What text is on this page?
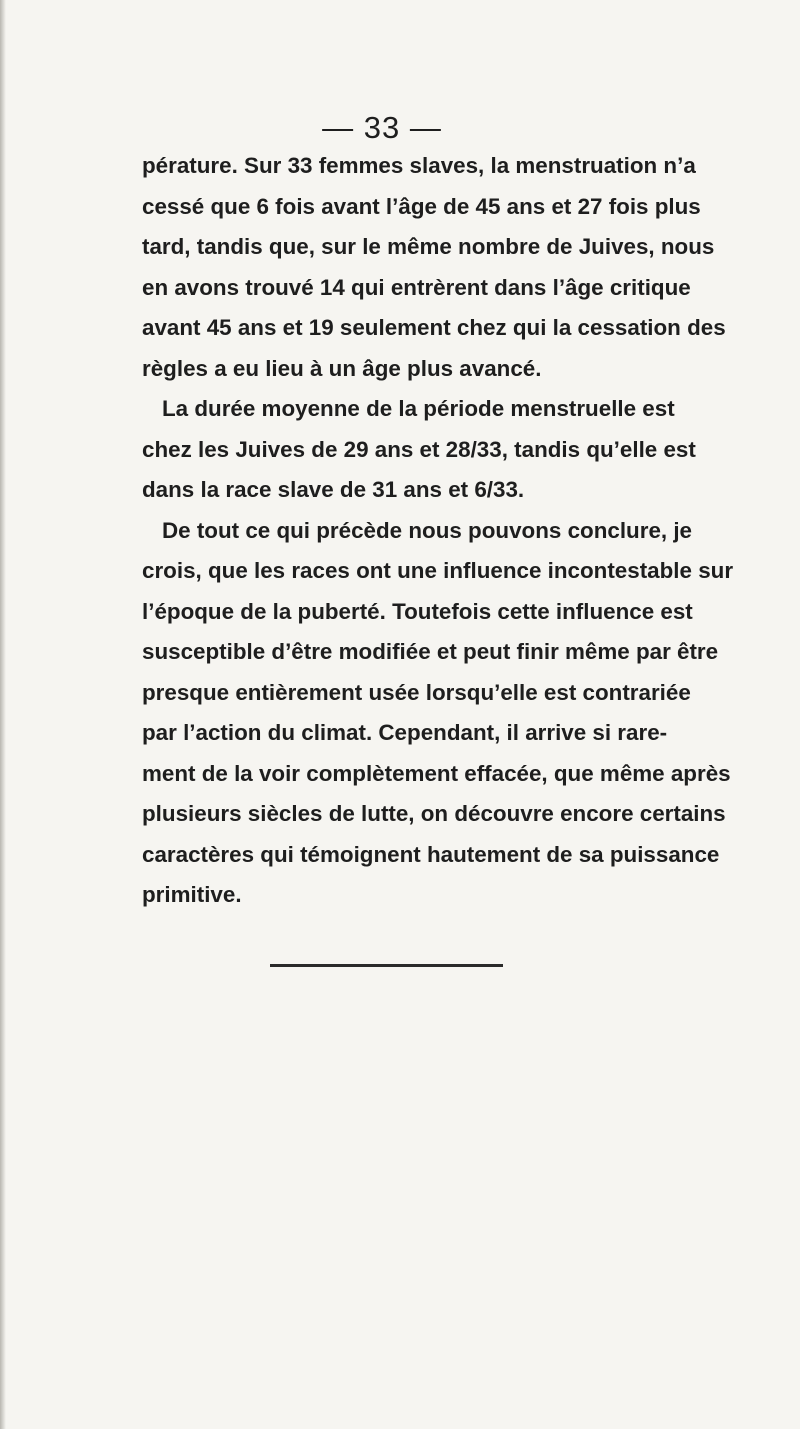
— 33 —
pérature. Sur 33 femmes slaves, la menstruation n’a
cessé que 6 fois avant l’âge de 45 ans et 27 fois plus
tard, tandis que, sur le même nombre de Juives, nous
en avons trouvé 14 qui entrèrent dans l’âge critique
avant 45 ans et 19 seulement chez qui la cessation des
règles a eu lieu à un âge plus avancé.
La durée moyenne de la période menstruelle est
chez les Juives de 29 ans et 28/33, tandis qu’elle est
dans la race slave de 31 ans et 6/33.
De tout ce qui précède nous pouvons conclure, je
crois, que les races ont une influence incontestable sur
l’époque de la puberté. Toutefois cette influence est
susceptible d’être modifiée et peut finir même par être
presque entièrement usée lorsqu’elle est contrariée
par l’action du climat. Cependant, il arrive si rare-
ment de la voir complètement effacée, que même après
plusieurs siècles de lutte, on découvre encore certains
caractères qui témoignent hautement de sa puissance
primitive.
